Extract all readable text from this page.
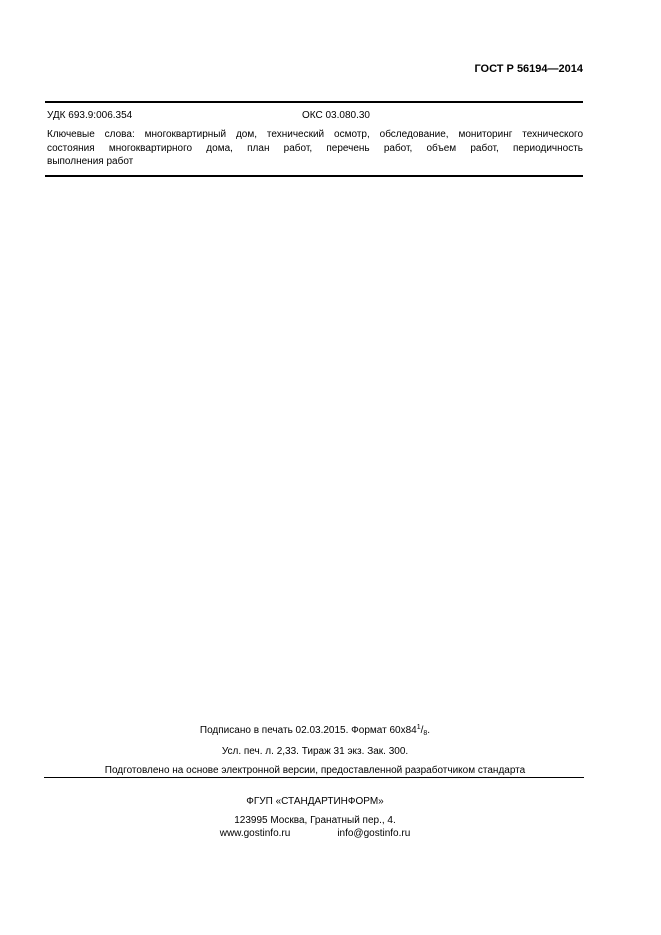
ГОСТ Р 56194—2014
УДК 693.9:006.354	ОКС 03.080.30
Ключевые слова: многоквартирный дом, технический осмотр, обследование, мониторинг технического
состояния многоквартирного дома, план работ, перечень работ, объем работ, периодичность
выполнения работ
Подписано в печать 02.03.2015. Формат $60x84^1/_8$.
Усл. печ. л. 2,33. Тираж 31 экз. Зак. 300.
Подготовлено на основе электронной версии, предоставленной разработчиком стандарта
ФГУП «СТАНДАРТИНФОРМ»
123995 Москва, Гранатный пер., 4.
www.gostinfo.ru	info@gostinfo.ru
